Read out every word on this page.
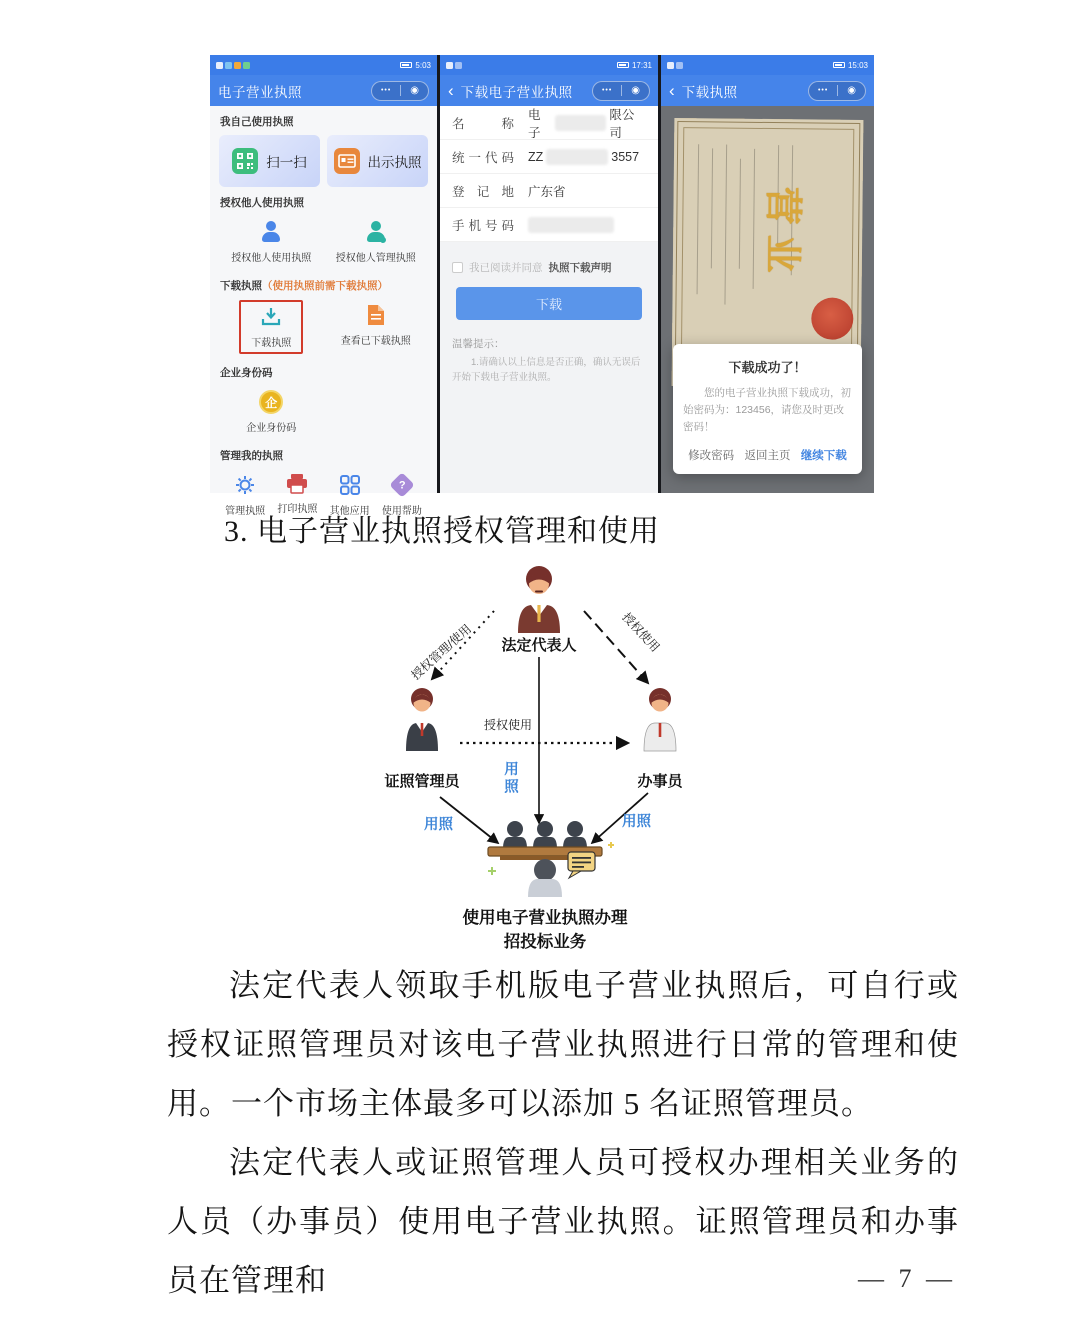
5:03
电子营业执照	••• ◉
我自己使用执照
扫一扫	出示执照
授权他人使用执照
授权他人使用执照 授权他人管理执照
下载执照（使用执照前需下载执照）
下载执照	查看已下载执照
企业身份码
企
企业身份码
管理我的执照
管理执照 打印执照 其他应用
?
使用帮助
17:31
‹ 下载电子营业执照	••• ◉
名称
电子
限公司
统一代码 ZZ	3557
登记地 广东省
手机号码
我已阅读并同意 执照下载声明
下载
温馨提示：
1.请确认以上信息是否正确，确认无误后开始下载电子营业执照。
15:03
‹ 下载执照	••• ◉
营业
下载成功了！
您的电子营业执照下载成功，初始密码为：123456，请您及时更改密码！
修改密码 返回主页 继续下载
3. 电子营业执照授权管理和使用
授权管理/使用	授权使用
授权使用
法定代表人
证照管理员	办事员
使用电子营业执照办理
招投标业务
用照
用照	用照

法定代表人领取手机版电子营业执照后，可自行或授权证照管理员对该电子营业执照进行日常的管理和使用。一个市场主体最多可以添加 5 名证照管理员。

法定代表人或证照管理人员可授权办理相关业务的人员（办事员）使用电子营业执照。证照管理员和办事员在管理和	— 7 —
